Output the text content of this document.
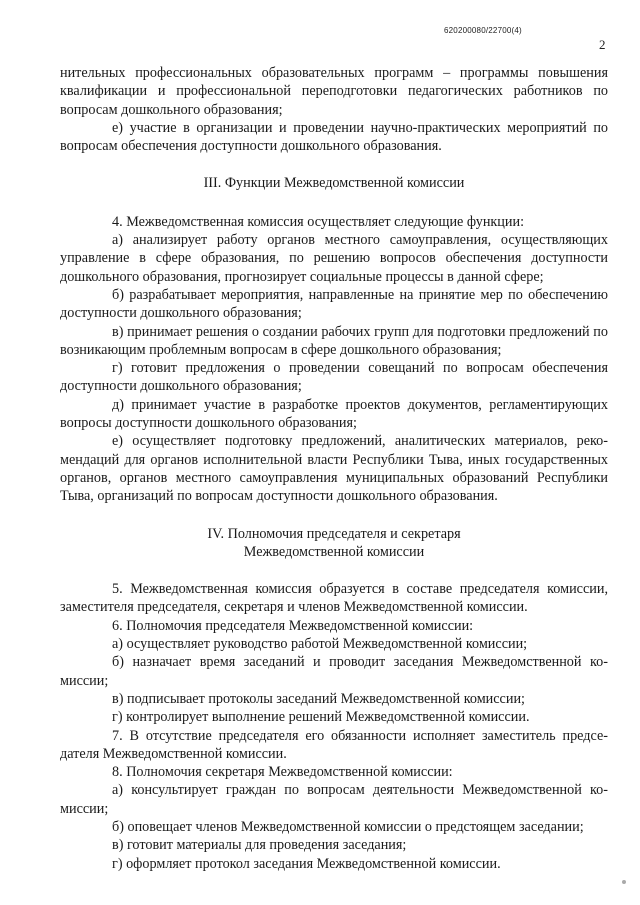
620200080/22700(4)
2

нительных профессиональных образовательных программ – программы повышения квалификации и профессиональной переподготовки педагогических работников по вопросам дошкольного образования;

е) участие в организации и проведении научно-практических мероприятий по вопросам обеспечения доступности дошкольного образования.

III. Функции Межведомственной комиссии

4. Межведомственная комиссия осуществляет следующие функции:

а) анализирует работу органов местного самоуправления, осуществляющих управление в сфере образования, по решению вопросов обеспечения доступности дошкольного образования, прогнозирует социальные процессы в данной сфере;

б) разрабатывает мероприятия, направленные на принятие мер по обеспечению доступности дошкольного образования;

в) принимает решения о создании рабочих групп для подготовки предложений по возникающим проблемным вопросам в сфере дошкольного образования;

г) готовит предложения о проведении совещаний по вопросам обеспечения доступности дошкольного образования;

д) принимает участие в разработке проектов документов, регламентирующих вопросы доступности дошкольного образования;

е) осуществляет подготовку предложений, аналитических материалов, рекомендаций для органов исполнительной власти Республики Тыва, иных государственных органов, органов местного самоуправления муниципальных образований Республики Тыва, организаций по вопросам доступности дошкольного образования.

IV. Полномочия председателя и секретаря
Межведомственной комиссии

5. Межведомственная комиссия образуется в составе председателя комиссии, заместителя председателя, секретаря и членов Межведомственной комиссии.

6. Полномочия председателя Межведомственной комиссии:

а) осуществляет руководство работой Межведомственной комиссии;

б) назначает время заседаний и проводит заседания Межведомственной комиссии;

в) подписывает протоколы заседаний Межведомственной комиссии;

г) контролирует выполнение решений Межведомственной комиссии.

7. В отсутствие председателя его обязанности исполняет заместитель председателя Межведомственной комиссии.

8. Полномочия секретаря Межведомственной комиссии:

а) консультирует граждан по вопросам деятельности Межведомственной комиссии;

б) оповещает членов Межведомственной комиссии о предстоящем заседании;

в) готовит материалы для проведения заседания;

г) оформляет протокол заседания Межведомственной комиссии.
